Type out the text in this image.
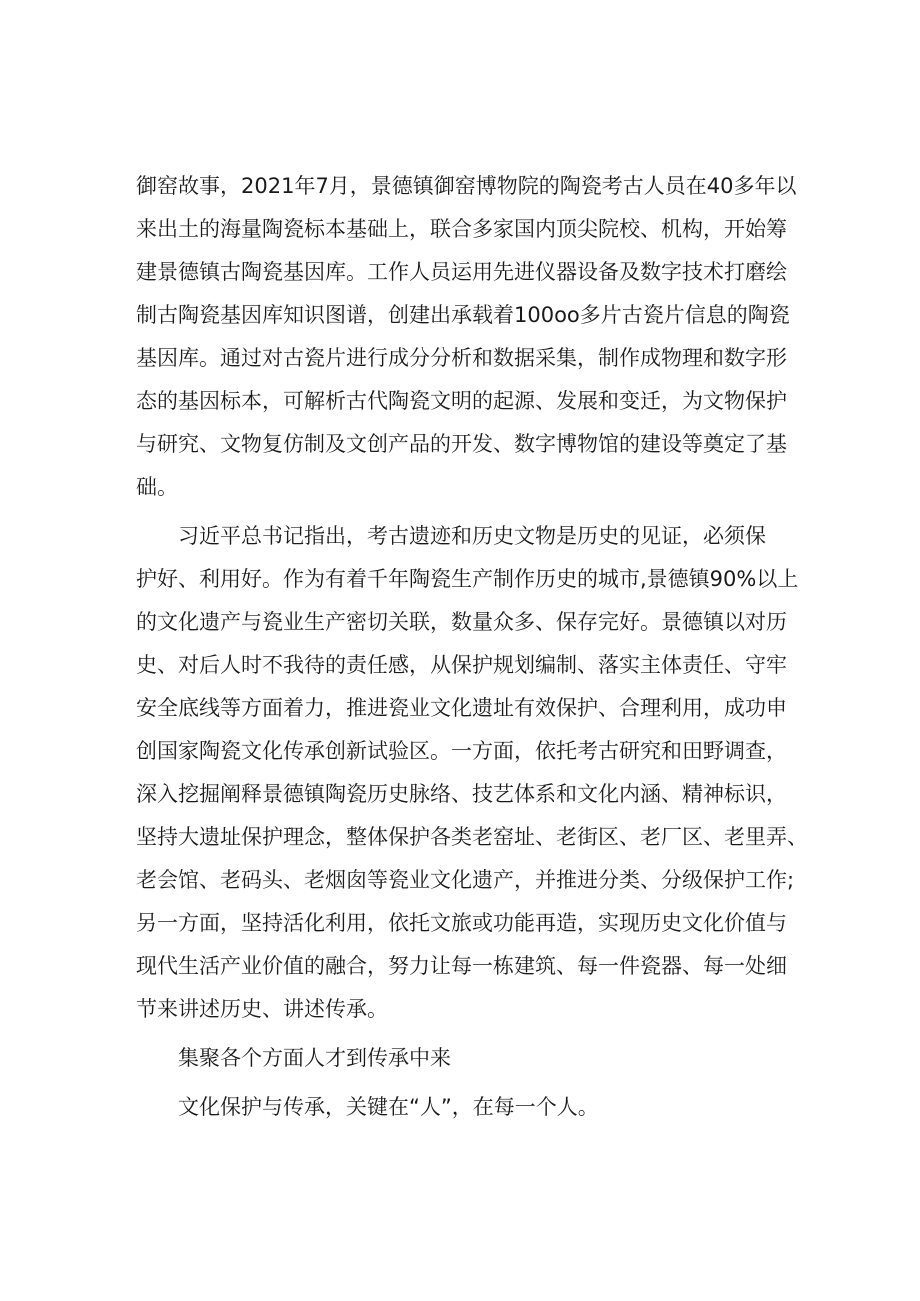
御窑故事，2021年7月，景德镇御窑博物院的陶瓷考古人员在40多年以
来出土的海量陶瓷标本基础上，联合多家国内顶尖院校、机构，开始筹
建景德镇古陶瓷基因库。工作人员运用先进仪器设备及数字技术打磨绘
制古陶瓷基因库知识图谱，创建出承载着100oo多片古瓷片信息的陶瓷
基因库。通过对古瓷片进行成分分析和数据采集，制作成物理和数字形
态的基因标本，可解析古代陶瓷文明的起源、发展和变迁，为文物保护
与研究、文物复仿制及文创产品的开发、数字博物馆的建设等奠定了基
础。
习近平总书记指出，考古遗迹和历史文物是历史的见证，必须保
护好、利用好。作为有着千年陶瓷生产制作历史的城市,景德镇90%以上
的文化遗产与瓷业生产密切关联，数量众多、保存完好。景德镇以对历
史、对后人时不我待的责任感，从保护规划编制、落实主体责任、守牢
安全底线等方面着力，推进瓷业文化遗址有效保护、合理利用，成功申
创国家陶瓷文化传承创新试验区。一方面，依托考古研究和田野调查，
深入挖掘阐释景德镇陶瓷历史脉络、技艺体系和文化内涵、精神标识，
坚持大遗址保护理念，整体保护各类老窑址、老街区、老厂区、老里弄、
老会馆、老码头、老烟囱等瓷业文化遗产，并推进分类、分级保护工作;
另一方面，坚持活化利用，依托文旅或功能再造，实现历史文化价值与
现代生活产业价值的融合，努力让每一栋建筑、每一件瓷器、每一处细
节来讲述历史、讲述传承。
集聚各个方面人才到传承中来
文化保护与传承，关键在“人”，在每一个人。
